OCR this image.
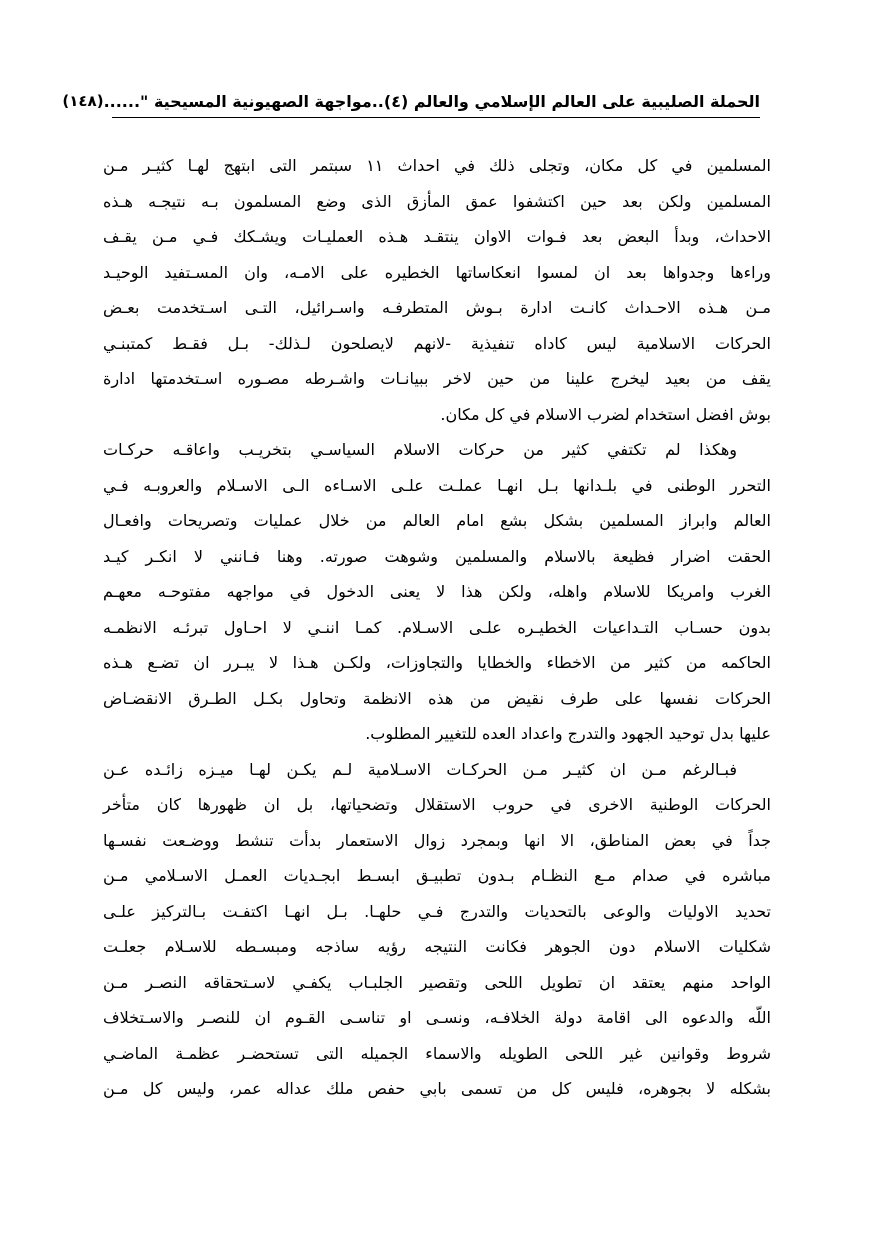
الحملة الصليبية على العالم الإسلامي والعالم (٤)..مواجهة الصهيونية المسيحية "......
(١٤٨)
المسلمين في كل مكان، وتجلى ذلك في احداث ١١ سبتمر التى ابتهج لهـا كثيـر مـن
المسلمين ولكن بعد حين اكتشفوا عمق المأزق الذى وضع المسلمون بـه نتيجـه هـذه
الاحداث، وبدأ البعض بعد فـوات الاوان ينتقـد هـذه العمليـات ويشـكك فـي مـن يقـف
وراءها وجدواها بعد ان لمسوا انعكاساتها الخطيره على الامـه، وان المسـتفيد الوحيـد
مـن هـذه الاحـداث كانـت ادارة بـوش المتطرفـه واسـرائيل، التـى اسـتخدمت بعـض
الحركات الاسلامية ليس كاداه تنفيذية -لانهم لايصلحون لـذلك- بـل فقـط كمتبنـي
يقف من بعيد ليخرج علينا من حين لاخر ببيانـات واشـرطه مصـوره اسـتخدمتها ادارة
بوش افضل استخدام لضرب الاسلام في كل مكان.
وهكذا لم تكتفي كثير من حركات الاسلام السياسـي بتخريـب واعاقـه حركـات
التحرر الوطنى في بلـدانها بـل انهـا عملـت علـى الاسـاءه الـى الاسـلام والعروبـه فـي
العالم وابراز المسلمين بشكل بشع امام العالم من خلال عمليات وتصريحات وافعـال
الحقت اضرار فظيعة بالاسلام والمسلمين وشوهت صورته. وهنا فـانني لا انكـر كيـد
الغرب وامريكا للاسلام واهله، ولكن هذا لا يعنى الدخول في مواجهه مفتوحـه معهـم
بدون حسـاب التـداعيات الخطيـره علـى الاسـلام. كمـا اننـي لا احـاول تبرئـه الانظمـه
الحاكمه من كثير من الاخطاء والخطايا والتجاوزات، ولكـن هـذا لا يبـرر ان تضـع هـذه
الحركات نفسها على طرف نقيض من هذه الانظمة وتحاول بكـل الطـرق الانقضـاض
عليها بدل توحيد الجهود والتدرج واعداد العده للتغيير المطلوب.
فبـالرغم مـن ان كثيـر مـن الحركـات الاسـلامية لـم يكـن لهـا ميـزه زائـده عـن
الحركات الوطنية الاخرى في حروب الاستقلال وتضحياتها، بل ان ظهورها كان متأخر
جداً في بعض المناطق، الا انها وبمجرد زوال الاستعمار بدأت تنشط ووضـعت نفسـها
مباشره في صدام مـع النظـام بـدون تطبيـق ابسـط ابجـديات العمـل الاسـلامي مـن
تحديد الاوليات والوعى بالتحديات والتدرج فـي حلهـا. بـل انهـا اكتفـت بـالتركيز علـى
شكليات الاسلام دون الجوهر فكانت النتيجه رؤيه ساذجه ومبسـطه للاسـلام جعلـت
الواحد منهم يعتقد ان تطويل اللحى وتقصير الجلبـاب يكفـي لاسـتحقاقه النصـر مـن
اللّه والدعوه الى اقامة دولة الخلافـه، ونسـى او تناسـى القـوم ان للنصـر والاسـتخلاف
شروط وقوانين غير اللحى الطويله والاسماء الجميله التى تستحضـر عظمـة الماضـي
بشكله لا بجوهره، فليس كل من تسمى بابي حفص ملك عداله عمر، وليس كل مـن
